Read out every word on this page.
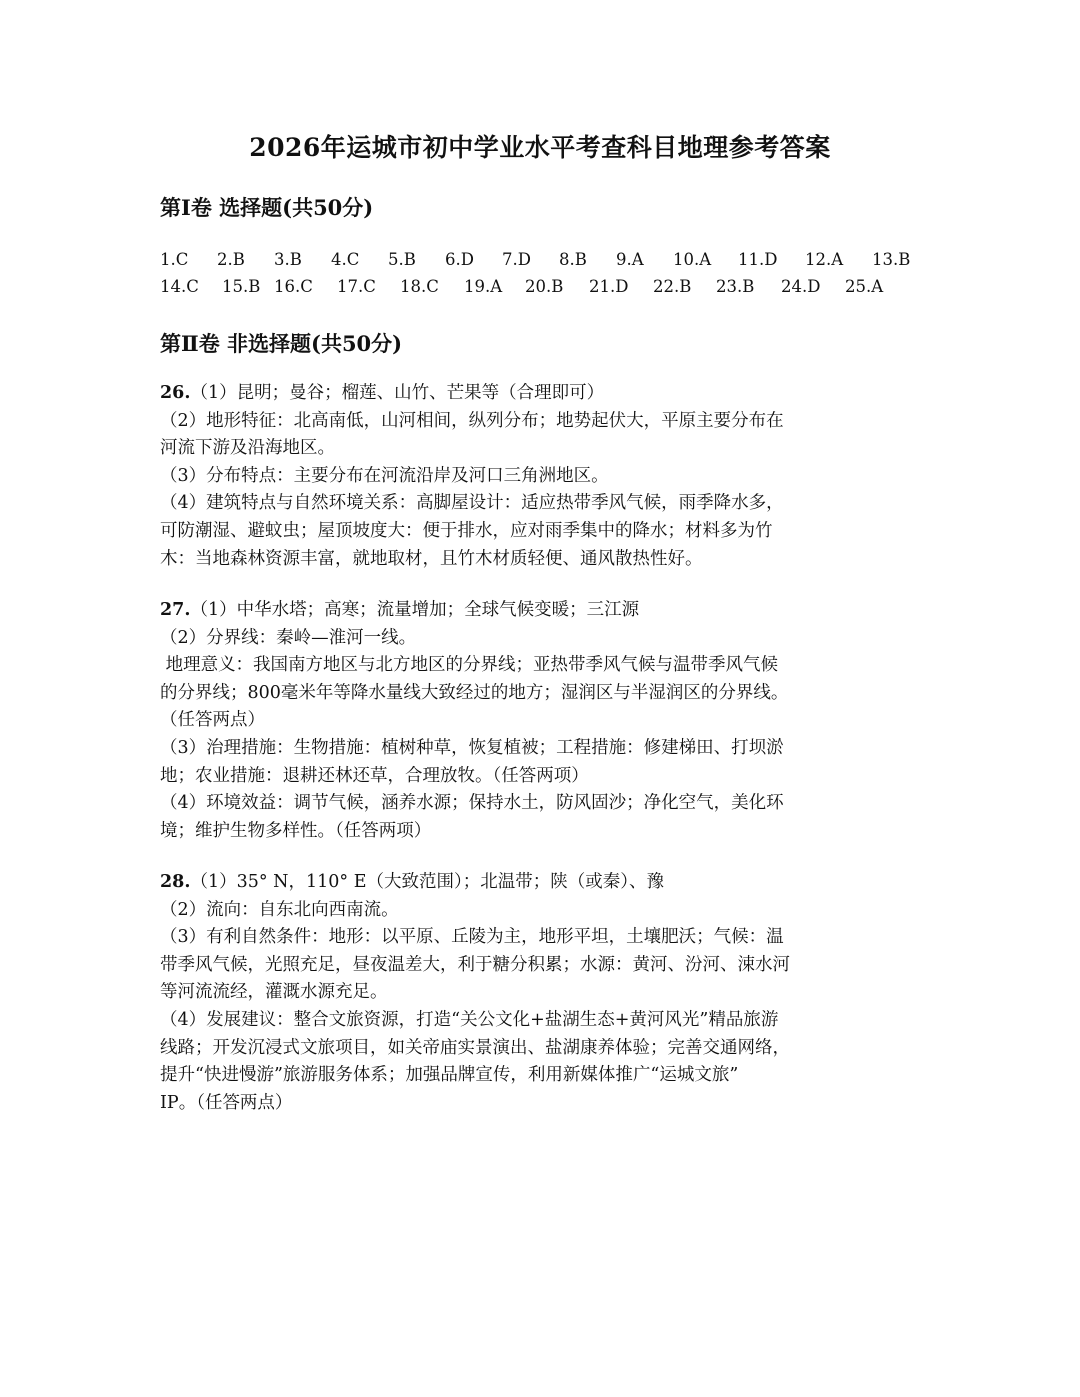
2026年运城市初中学业水平考查科目地理参考答案
第Ⅰ卷 选择题(共50分)
1.C 2.B 3.B 4.C 5.B 6.D 7.D 8.B 9.A 10.A 11.D 12.A 13.B
14.C 15.B 16.C 17.C 18.C 19.A 20.B 21.D 22.B 23.B 24.D 25.A
第Ⅱ卷 非选择题(共50分)
26.（1）昆明；曼谷；榴莲、山竹、芒果等（合理即可）
（2）地形特征：北高南低，山河相间，纵列分布；地势起伏大，平原主要分布在
河流下游及沿海地区。
（3）分布特点：主要分布在河流沿岸及河口三角洲地区。
（4）建筑特点与自然环境关系：高脚屋设计：适应热带季风气候，雨季降水多，
可防潮湿、避蚊虫；屋顶坡度大：便于排水，应对雨季集中的降水；材料多为竹
木：当地森林资源丰富，就地取材，且竹木材质轻便、通风散热性好。
27.（1）中华水塔；高寒；流量增加；全球气候变暖；三江源
（2）分界线：秦岭—淮河一线。
地理意义：我国南方地区与北方地区的分界线；亚热带季风气候与温带季风气候
的分界线；800毫米年等降水量线大致经过的地方；湿润区与半湿润区的分界线。
（任答两点）
（3）治理措施：生物措施：植树种草，恢复植被；工程措施：修建梯田、打坝淤
地；农业措施：退耕还林还草，合理放牧。（任答两项）
（4）环境效益：调节气候，涵养水源；保持水土，防风固沙；净化空气，美化环
境；维护生物多样性。（任答两项）
28.（1）35° N，110° E（大致范围）；北温带；陕（或秦）、豫
（2）流向：自东北向西南流。
（3）有利自然条件：地形：以平原、丘陵为主，地形平坦，土壤肥沃；气候：温
带季风气候，光照充足，昼夜温差大，利于糖分积累；水源：黄河、汾河、涑水河
等河流流经，灌溉水源充足。
（4）发展建议：整合文旅资源，打造“关公文化+盐湖生态+黄河风光”精品旅游
线路；开发沉浸式文旅项目，如关帝庙实景演出、盐湖康养体验；完善交通网络，
提升“快进慢游”旅游服务体系；加强品牌宣传，利用新媒体推广“运城文旅”
IP。（任答两点）
